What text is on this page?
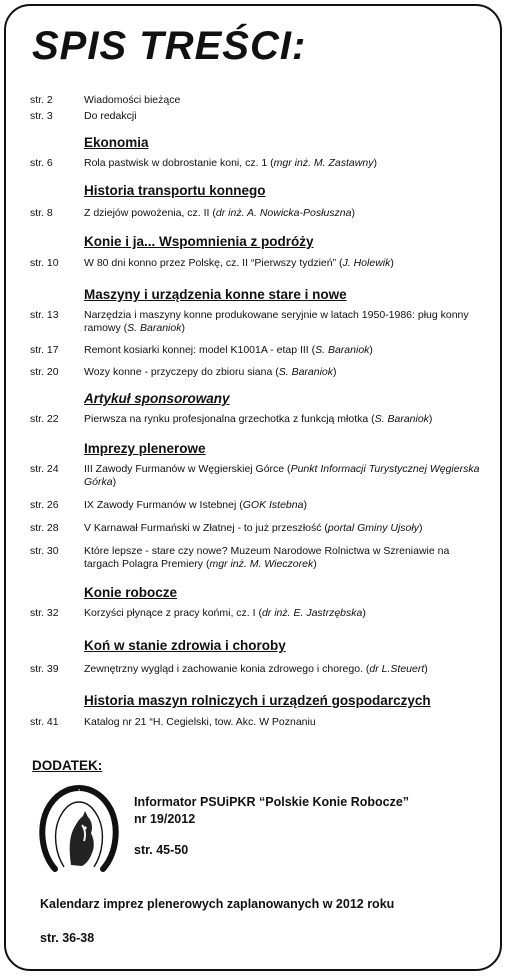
SPIS TREŚCI:
str. 2	Wiadomości bieżące
str. 3	Do redakcji
Ekonomia
str. 6	Rola pastwisk w dobrostanie koni, cz. 1 (mgr inż. M. Zastawny)
Historia transportu konnego
str. 8	Z dziejów powożenia, cz. II (dr inż. A. Nowicka-Posłuszna)
Konie i ja... Wspomnienia z podróży
str. 10 W 80 dni konno przez Polskę, cz. II “Pierwszy tydzień” (J. Holewik)
Maszyny i urządzenia konne stare i nowe
str. 13 Narzędzia i maszyny konne produkowane seryjnie w latach 1950-1986: pług konny ramowy (S. Baraniok)
str. 17 Remont kosiarki konnej: model K1001A - etap III (S. Baraniok)
str. 20 Wozy konne - przyczepy do zbioru siana (S. Baraniok)
Artykuł sponsorowany
str. 22 Pierwsza na rynku profesjonalna grzechotka z funkcją młotka (S. Baraniok)
Imprezy plenerowe
str. 24 III Zawody Furmanów w Węgierskiej Górce (Punkt Informacji Turystycznej Węgierska Górka)
str. 26 IX Zawody Furmanów w Istebnej (GOK Istebna)
str. 28 V Karnawał Furmański w Złatnej - to już przeszłość (portal Gminy Ujsoły)
str. 30 Które lepsze - stare czy nowe? Muzeum Narodowe Rolnictwa w Szreniawie na targach Polagra Premiery (mgr inż. M. Wieczorek)
Konie robocze
str. 32 Korzyści płynące z pracy końmi, cz. I (dr inż. E. Jastrzębska)
Koń w stanie zdrowia i choroby
str. 39 Zewnętrzny wygląd i zachowanie konia zdrowego i chorego. (dr L.Steuert)
Historia maszyn rolniczych i urządzeń gospodarczych
str. 41 Katalog nr 21 “H. Cegielski, tow. Akc. W Poznaniu
DODATEK:
P
S
U
i
P
K
R
Informator PSUiPKR “Polskie Konie Robocze”
nr 19/2012
str. 45-50
Kalendarz imprez plenerowych zaplanowanych w 2012 roku
str. 36-38
